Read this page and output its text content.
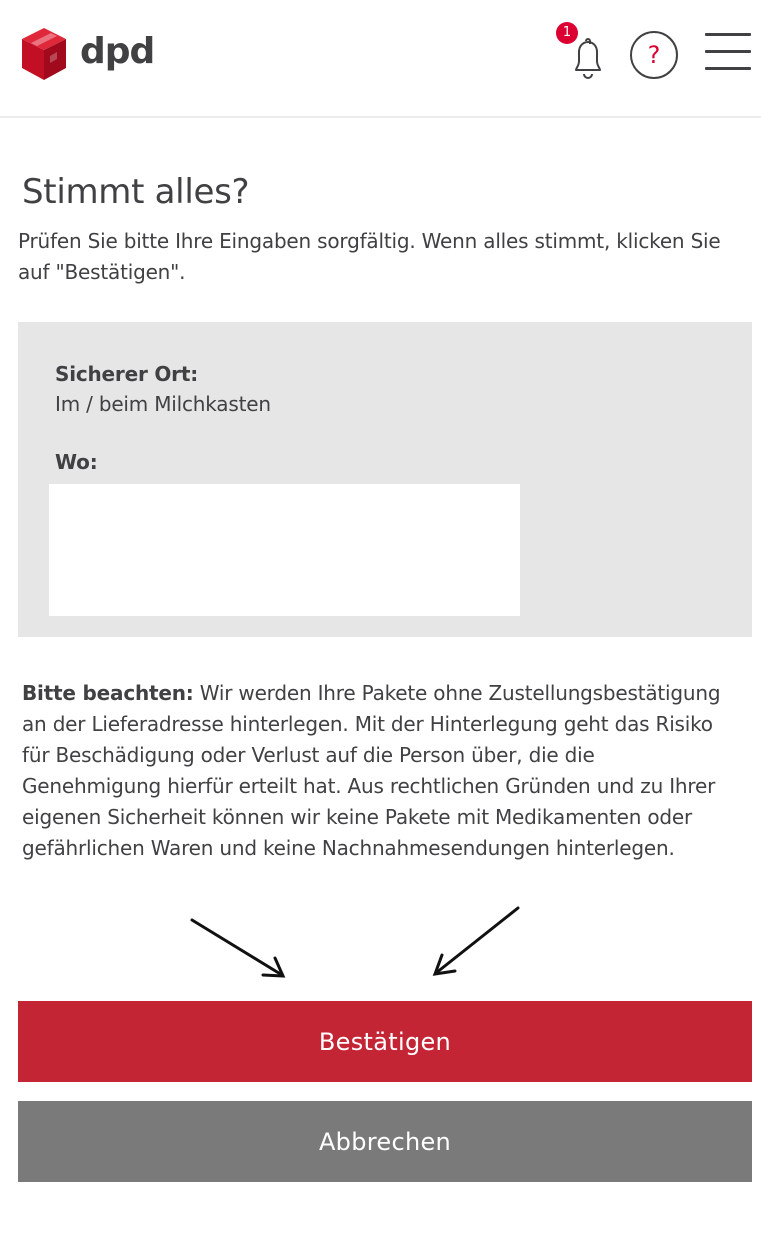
dpd	1
?
Stimmt alles?

Prüfen Sie bitte Ihre Eingaben sorgfältig. Wenn alles stimmt, klicken Sie auf "Bestätigen".

Sicherer Ort:
Im / beim Milchkasten
Wo:

Bitte beachten: Wir werden Ihre Pakete ohne Zustellungsbestätigung an der Lieferadresse hinterlegen. Mit der Hinterlegung geht das Risiko für Beschädigung oder Verlust auf die Person über, die die Genehmigung hierfür erteilt hat. Aus rechtlichen Gründen und zu Ihrer eigenen Sicherheit können wir keine Pakete mit Medikamenten oder gefährlichen Waren und keine Nachnahmesendungen hinterlegen.

Bestätigen
Abbrechen
